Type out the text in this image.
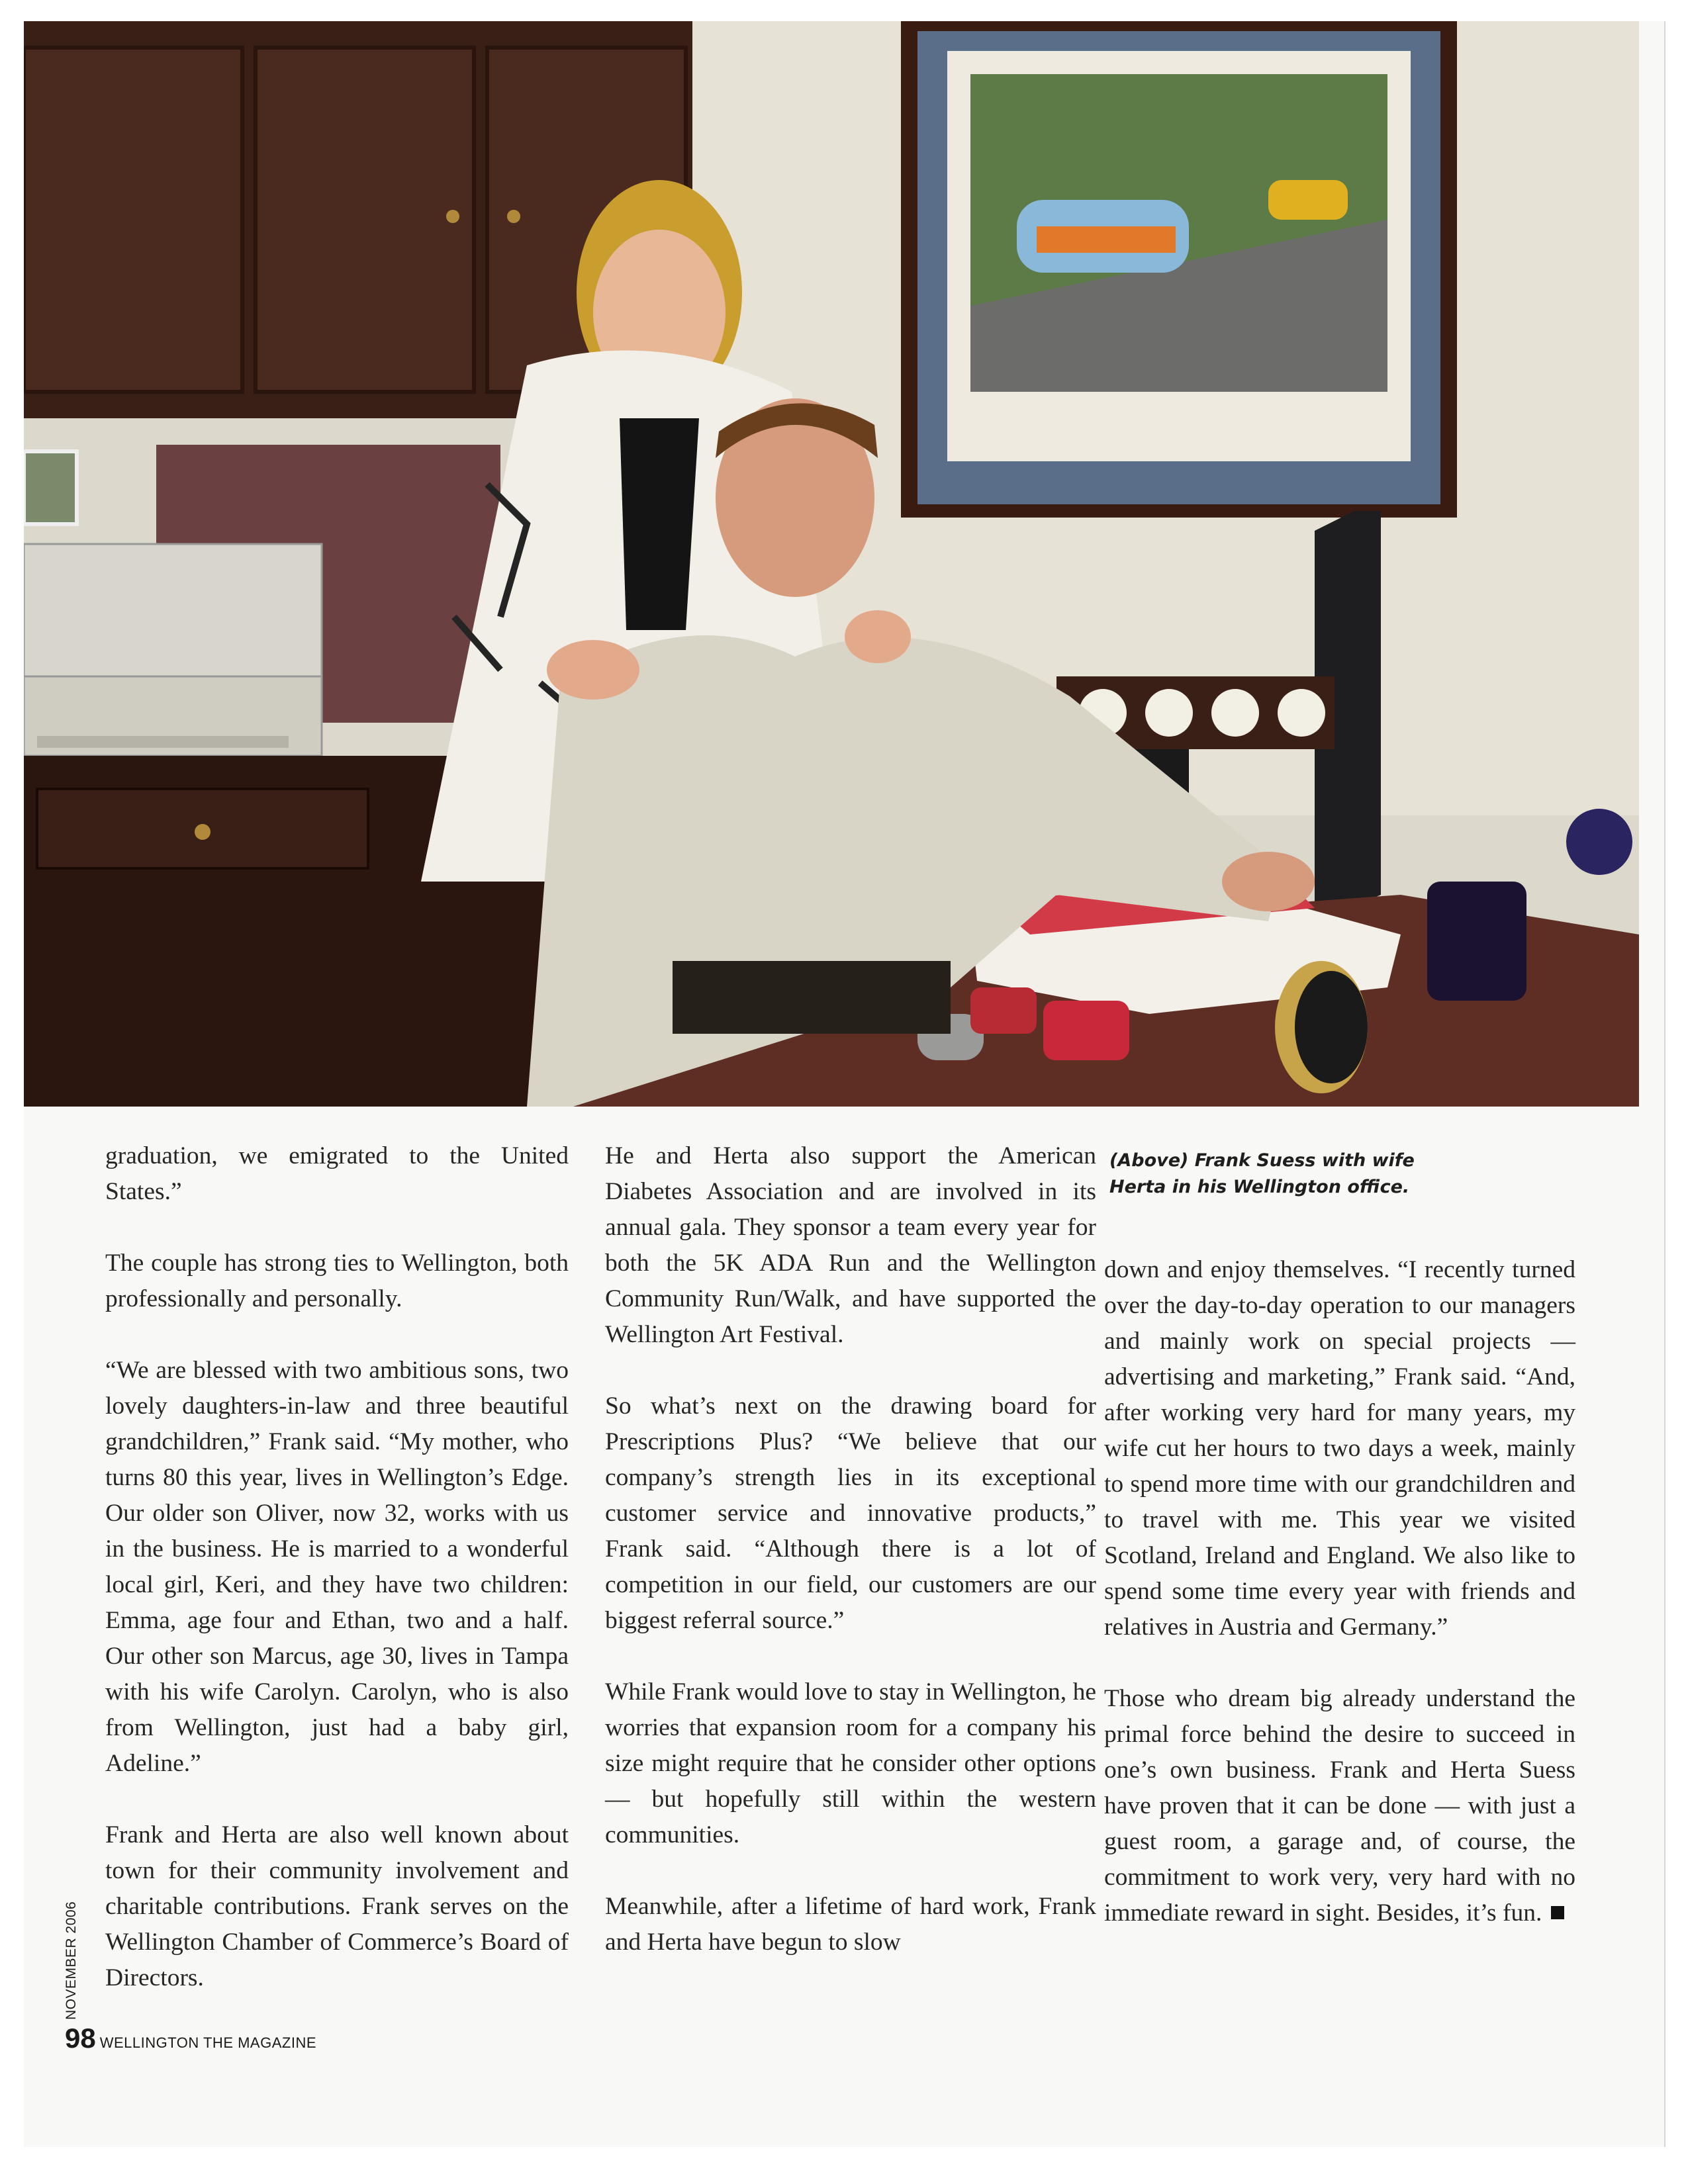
(Above) Frank Suess with wife Herta in his Wellington office.

graduation, we emigrated to the United States.”

The couple has strong ties to Wellington, both professionally and personally.

“We are blessed with two ambitious sons, two lovely daughters-in-law and three beautiful grandchildren,” Frank said. “My mother, who turns 80 this year, lives in Wellington’s Edge. Our older son Oliver, now 32, works with us in the business. He is married to a wonderful local girl, Keri, and they have two children: Emma, age four and Ethan, two and a half. Our other son Marcus, age 30, lives in Tampa with his wife Carolyn. Carolyn, who is also from Wellington, just had a baby girl, Adeline.”

Frank and Herta are also well known about town for their community involvement and charitable contributions. Frank serves on the Wellington Chamber of Commerce’s Board of Directors.

He and Herta also support the American Diabetes Association and are involved in its annual gala. They sponsor a team every year for both the 5K ADA Run and the Wellington Community Run/Walk, and have supported the Wellington Art Festival.

So what’s next on the drawing board for Prescriptions Plus? “We believe that our company’s strength lies in its exceptional customer service and innovative products,” Frank said. “Although there is a lot of competition in our field, our customers are our biggest referral source.”

While Frank would love to stay in Wellington, he worries that expansion room for a company his size might require that he consider other options — but hopefully still within the western communities.

Meanwhile, after a lifetime of hard work, Frank and Herta have begun to slow

down and enjoy themselves. “I recently turned over the day-to-day operation to our managers and mainly work on special projects — advertising and marketing,” Frank said. “And, after working very hard for many years, my wife cut her hours to two days a week, mainly to spend more time with our grandchildren and to travel with me. This year we visited Scotland, Ireland and England. We also like to spend some time every year with friends and relatives in Austria and Germany.”

Those who dream big already understand the primal force behind the desire to succeed in one’s own business. Frank and Herta Suess have proven that it can be done — with just a guest room, a garage and, of course, the commitment to work very, very hard with no immediate reward in sight. Besides, it’s fun.

NOVEMBER 2006
98 WELLINGTON THE MAGAZINE
